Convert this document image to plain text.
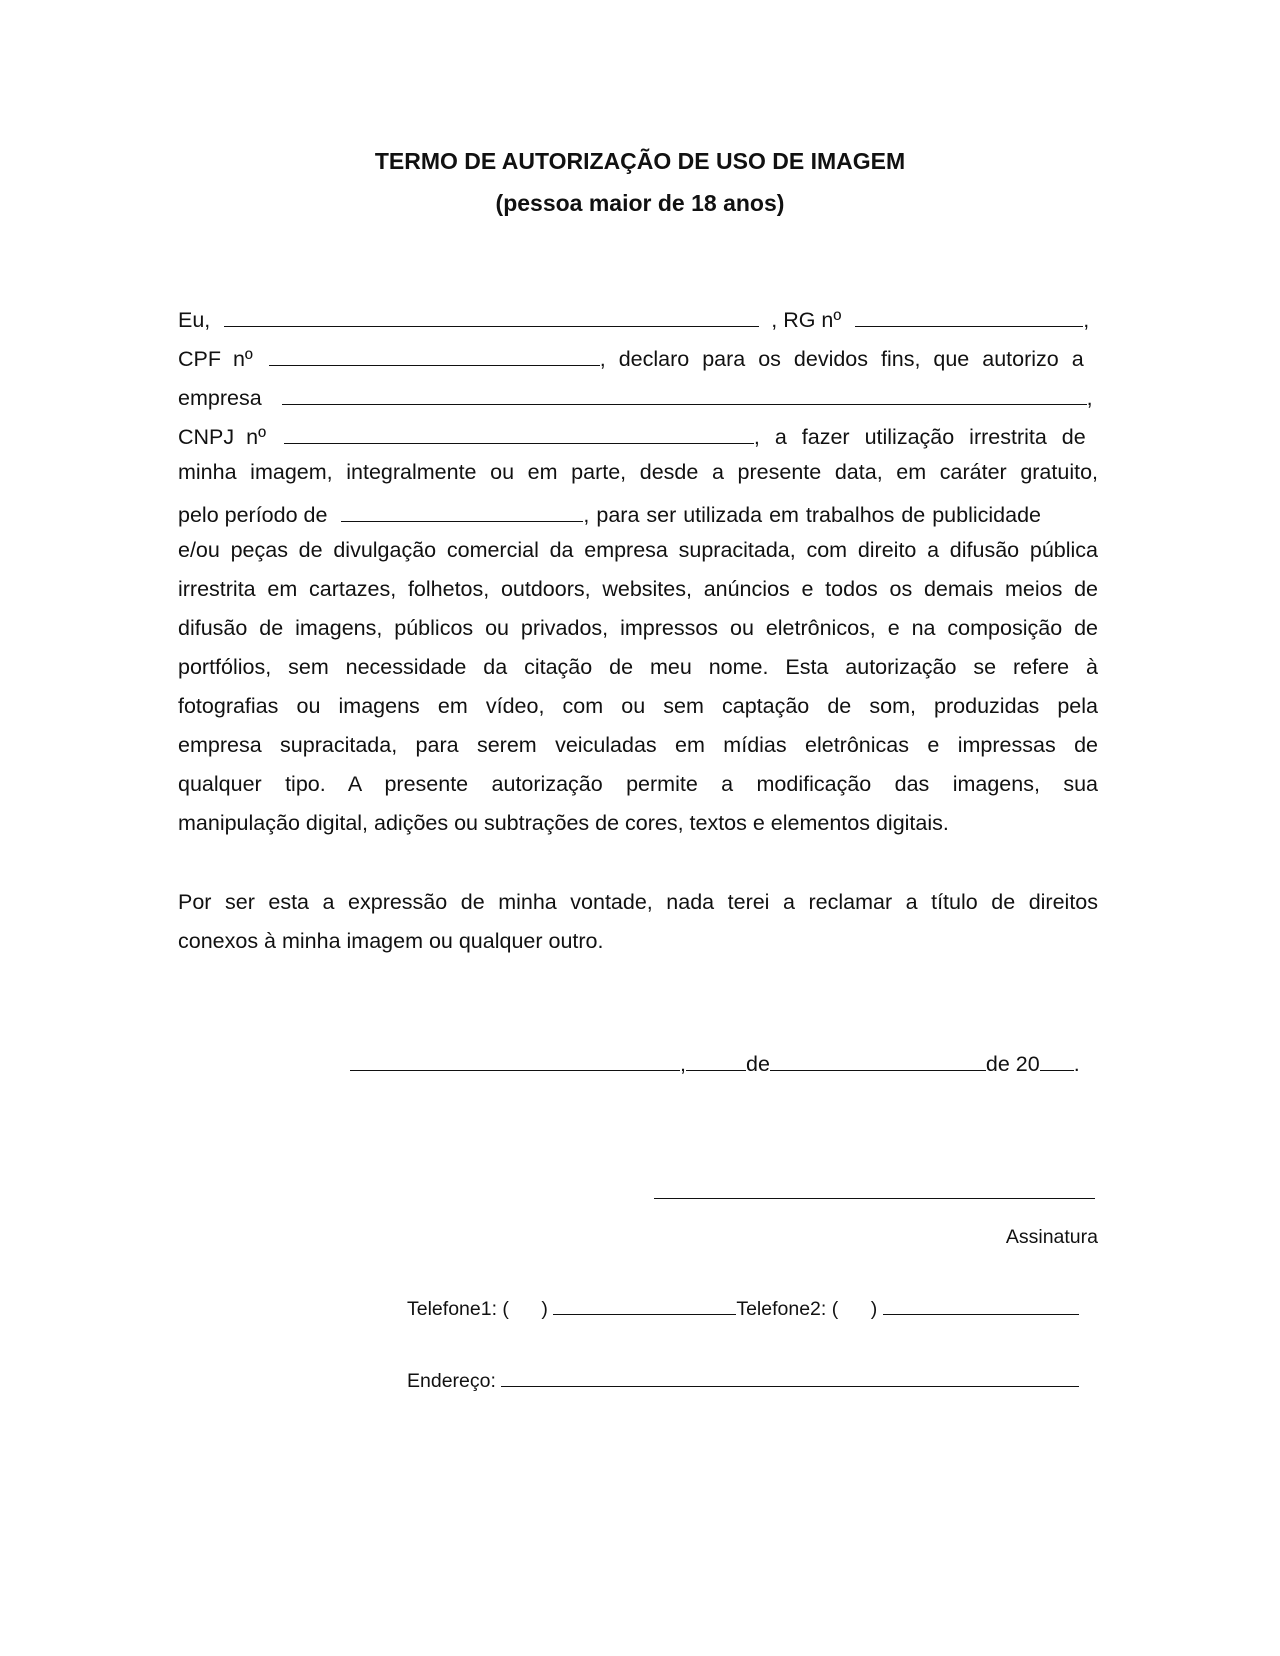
TERMO DE AUTORIZAÇÃO DE USO DE IMAGEM
(pessoa maior de 18 anos)
Eu,	, RG nº	,
CPF nº	, declaro para os devidos fins, que autorizo a
empresa	,
CNPJ nº	, a fazer utilização irrestrita de
minha imagem, integralmente ou em parte, desde a presente data, em caráter gratuito,
pelo período de	, para ser utilizada em trabalhos de publicidade
e/ou peças de divulgação comercial da empresa supracitada, com direito a difusão pública
irrestrita em cartazes, folhetos, outdoors, websites, anúncios e todos os demais meios de
difusão de imagens, públicos ou privados, impressos ou eletrônicos, e na composição de
portfólios, sem necessidade da citação de meu nome. Esta autorização se refere à
fotografias ou imagens em vídeo, com ou sem captação de som, produzidas pela
empresa supracitada, para serem veiculadas em mídias eletrônicas e impressas de
qualquer tipo. A presente autorização permite a modificação das imagens, sua
manipulação digital, adições ou subtrações de cores, textos e elementos digitais.
Por ser esta a expressão de minha vontade, nada terei a reclamar a título de direitos
conexos à minha imagem ou qualquer outro.
,	de	de 20 .
Assinatura
Telefone1: (      )	Telefone2: (      )
Endereço:
